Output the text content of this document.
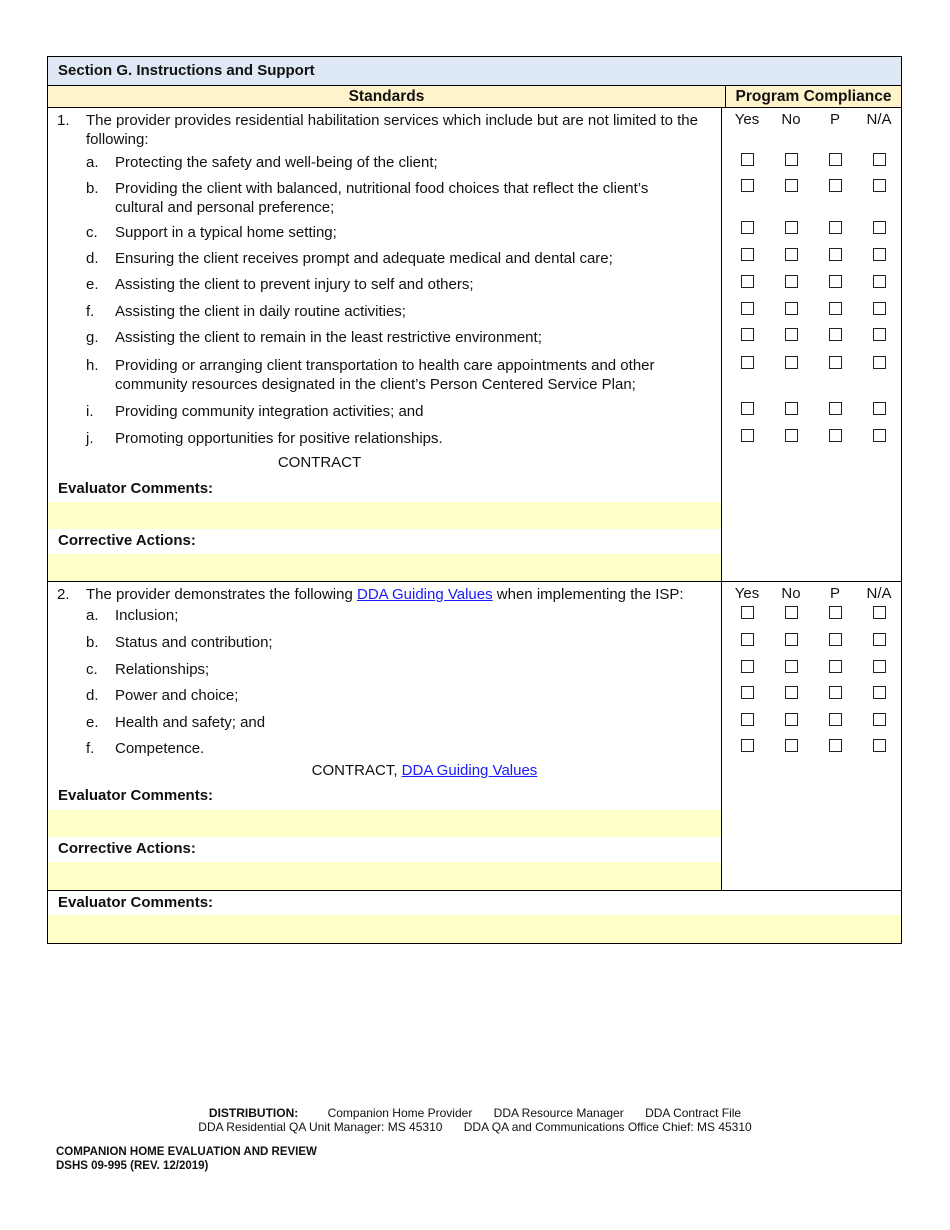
Section G. Instructions and Support
Standards	Program Compliance
1.	The provider provides residential habilitation services which include but are not limited to the following:
a.	Protecting the safety and well-being of the client;
b.	Providing the client with balanced, nutritional food choices that reflect the client’s cultural and personal preference;
c.	Support in a typical home setting;
d.	Ensuring the client receives prompt and adequate medical and dental care;
e.	Assisting the client to prevent injury to self and others;
f.	Assisting the client in daily routine activities;
g.	Assisting the client to remain in the least restrictive environment;
h.	Providing or arranging client transportation to health care appointments and other community resources designated in the client’s Person Centered Service Plan;
i.	Providing community integration activities; and
j.	Promoting opportunities for positive relationships.
CONTRACT
Evaluator Comments:
Corrective Actions:
Yes	No	P	N/A
2.	The provider demonstrates the following DDA Guiding Values when implementing the ISP:
a.	Inclusion;
b.	Status and contribution;
c.	Relationships;
d.	Power and choice;
e.	Health and safety; and
f.	Competence.
CONTRACT, DDA Guiding Values
Evaluator Comments:
Corrective Actions:
Yes	No	P	N/A
Evaluator Comments:
DISTRIBUTION: Companion Home Provider DDA Resource Manager DDA Contract File
DDA Residential QA Unit Manager: MS 45310 DDA QA and Communications Office Chief: MS 45310
COMPANION HOME EVALUATION AND REVIEW
DSHS 09-995 (REV. 12/2019)
